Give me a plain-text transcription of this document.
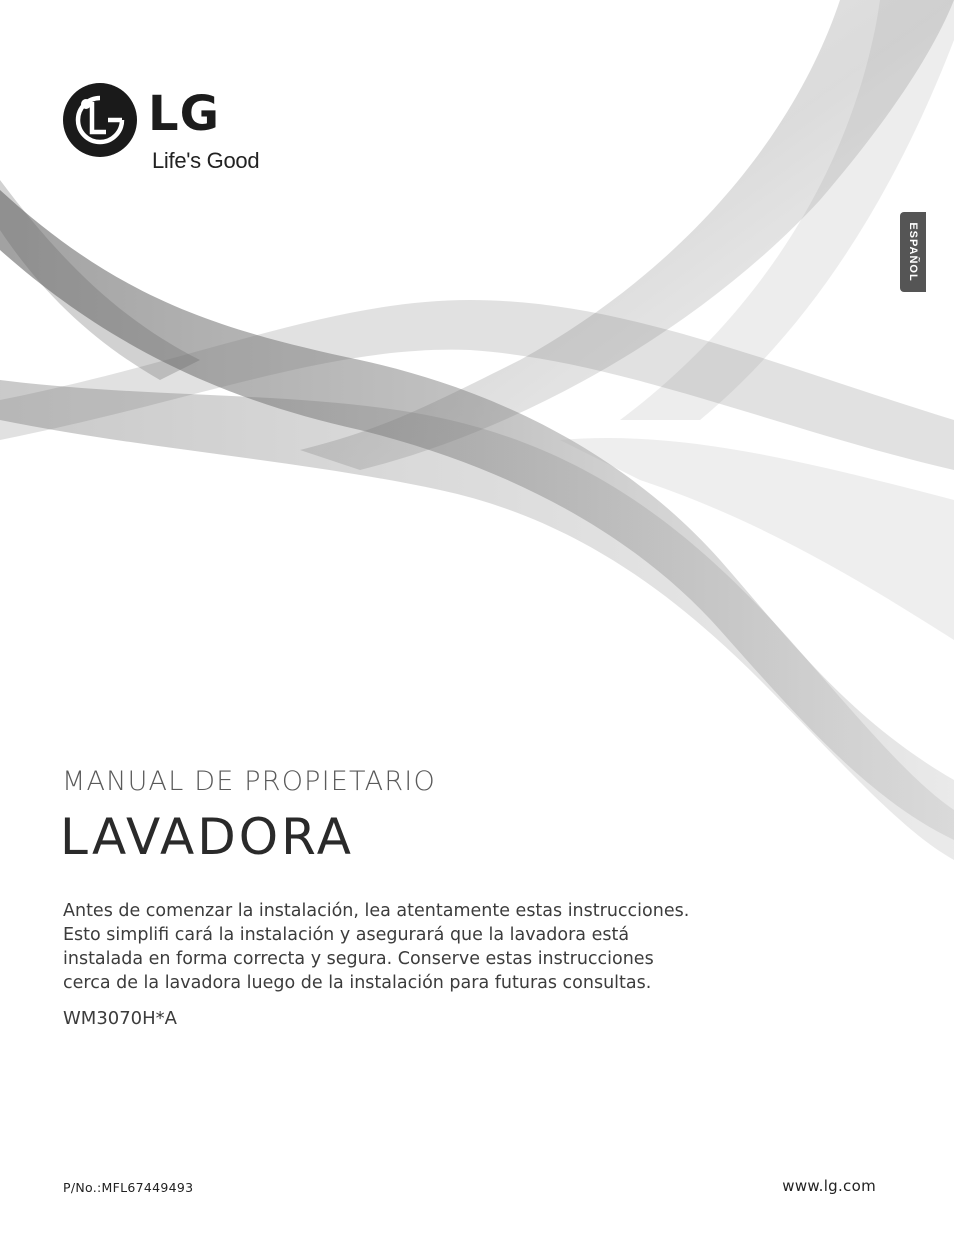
LG
Life's Good
ESPAÑOL
MANUAL DE PROPIETARIO
LAVADORA
Antes de comenzar la instalación, lea atentamente estas instrucciones.
Esto simplifi cará la instalación y asegurará que la lavadora está
instalada en forma correcta y segura. Conserve estas instrucciones
cerca de la lavadora luego de la instalación para futuras consultas.
WM3070H*A
P/No.:MFL67449493	www.lg.com
